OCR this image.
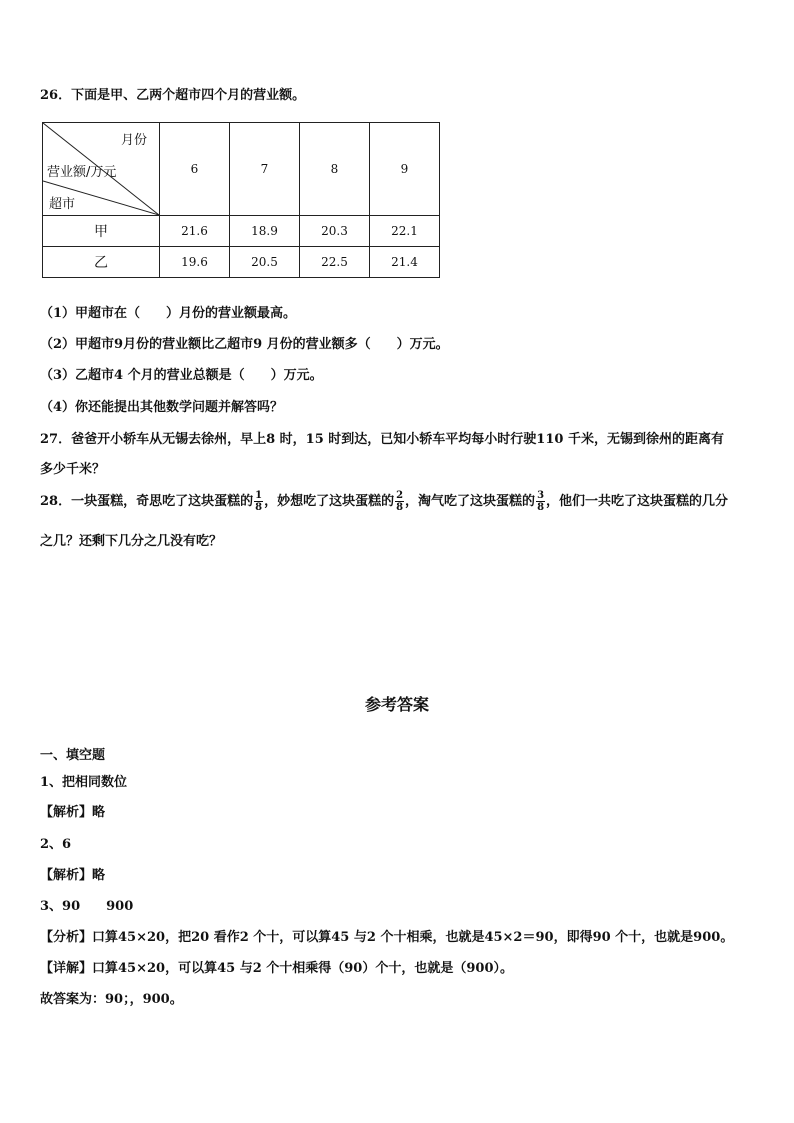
26．下面是甲、乙两个超市四个月的营业额。
月份
营业额/万元
超市	6	7	8	9
甲	21.6	18.9	20.3	22.1
乙	19.6	20.5	22.5	21.4
（1）甲超市在（　　）月份的营业额最高。
（2）甲超市9月份的营业额比乙超市9 月份的营业额多（　　）万元。
（3）乙超市4 个月的营业总额是（　　）万元。
（4）你还能提出其他数学问题并解答吗？
27．爸爸开小轿车从无锡去徐州，早上8 时，15 时到达，已知小轿车平均每小时行驶110 千米，无锡到徐州的距离有
多少千米？
28．一块蛋糕，奇思吃了这块蛋糕的 $\frac{1}{8}$ ，妙想吃了这块蛋糕的 $\frac{2}{8}$ ，淘气吃了这块蛋糕的 $\frac{3}{8}$ ，他们一共吃了这块蛋糕的几分
之几？还剩下几分之几没有吃？
参考答案
一、填空题
1、把相同数位
【解析】略
2、6
【解析】略
3、90　　900
【分析】口算45×20，把20 看作2 个十，可以算45 与2 个十相乘，也就是45×2＝90，即得90 个十，也就是900。
【详解】口算45×20，可以算45 与2 个十相乘得（90）个十，也就是（900）。
故答案为：90；，900。
